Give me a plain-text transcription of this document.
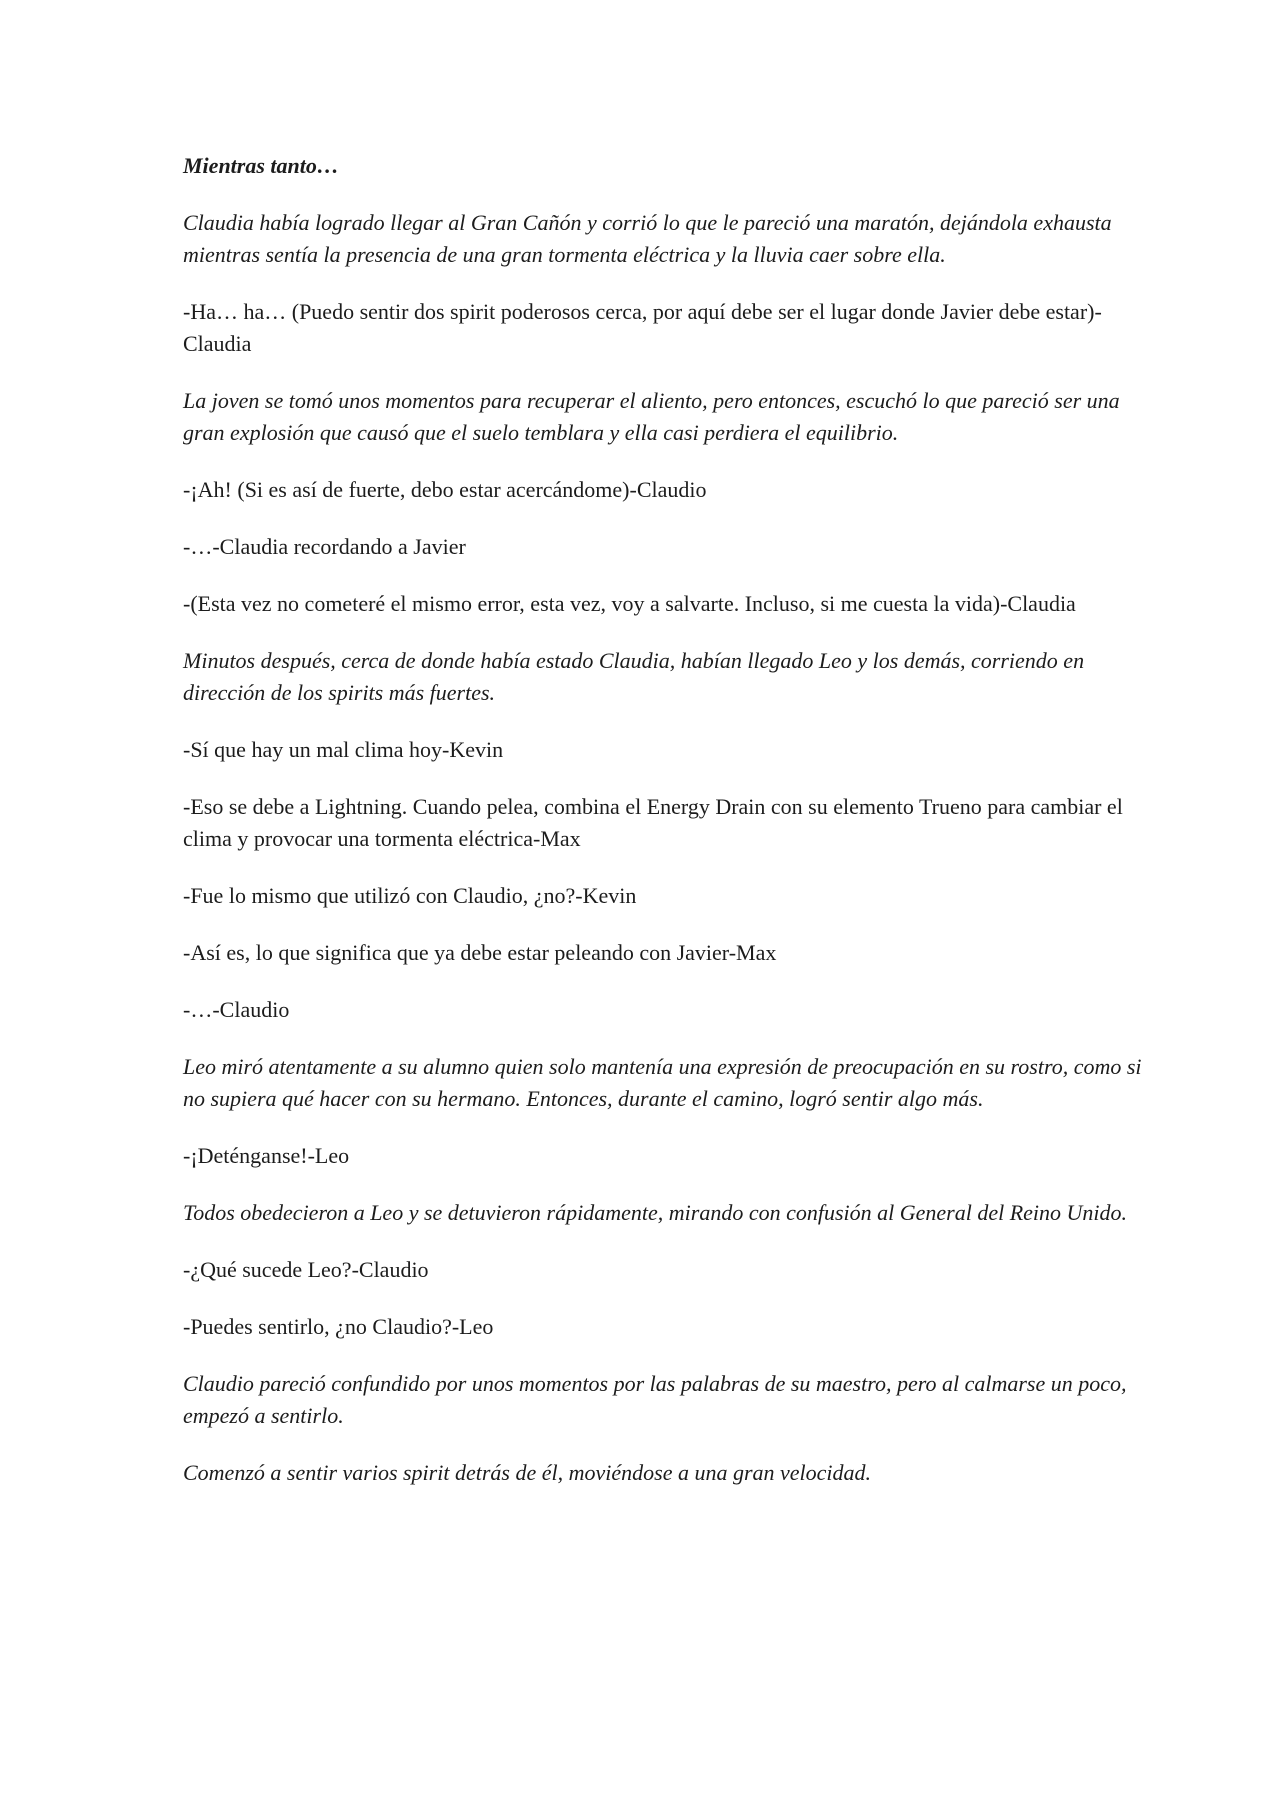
Mientras tanto…

Claudia había logrado llegar al Gran Cañón y corrió lo que le pareció una maratón, dejándola exhausta mientras sentía la presencia de una gran tormenta eléctrica y la lluvia caer sobre ella.

-Ha… ha… (Puedo sentir dos spirit poderosos cerca, por aquí debe ser el lugar donde Javier debe estar)-Claudia

La joven se tomó unos momentos para recuperar el aliento, pero entonces, escuchó lo que pareció ser una gran explosión que causó que el suelo temblara y ella casi perdiera el equilibrio.

-¡Ah! (Si es así de fuerte, debo estar acercándome)-Claudio

-…-Claudia recordando a Javier

-(Esta vez no cometeré el mismo error, esta vez, voy a salvarte. Incluso, si me cuesta la vida)-Claudia

Minutos después, cerca de donde había estado Claudia, habían llegado Leo y los demás, corriendo en dirección de los spirits más fuertes.

-Sí que hay un mal clima hoy-Kevin

-Eso se debe a Lightning. Cuando pelea, combina el Energy Drain con su elemento Trueno para cambiar el clima y provocar una tormenta eléctrica-Max

-Fue lo mismo que utilizó con Claudio, ¿no?-Kevin

-Así es, lo que significa que ya debe estar peleando con Javier-Max

-…-Claudio

Leo miró atentamente a su alumno quien solo mantenía una expresión de preocupación en su rostro, como si no supiera qué hacer con su hermano. Entonces, durante el camino, logró sentir algo más.

-¡Deténganse!-Leo

Todos obedecieron a Leo y se detuvieron rápidamente, mirando con confusión al General del Reino Unido.

-¿Qué sucede Leo?-Claudio

-Puedes sentirlo, ¿no Claudio?-Leo

Claudio pareció confundido por unos momentos por las palabras de su maestro, pero al calmarse un poco, empezó a sentirlo.

Comenzó a sentir varios spirit detrás de él, moviéndose a una gran velocidad.
